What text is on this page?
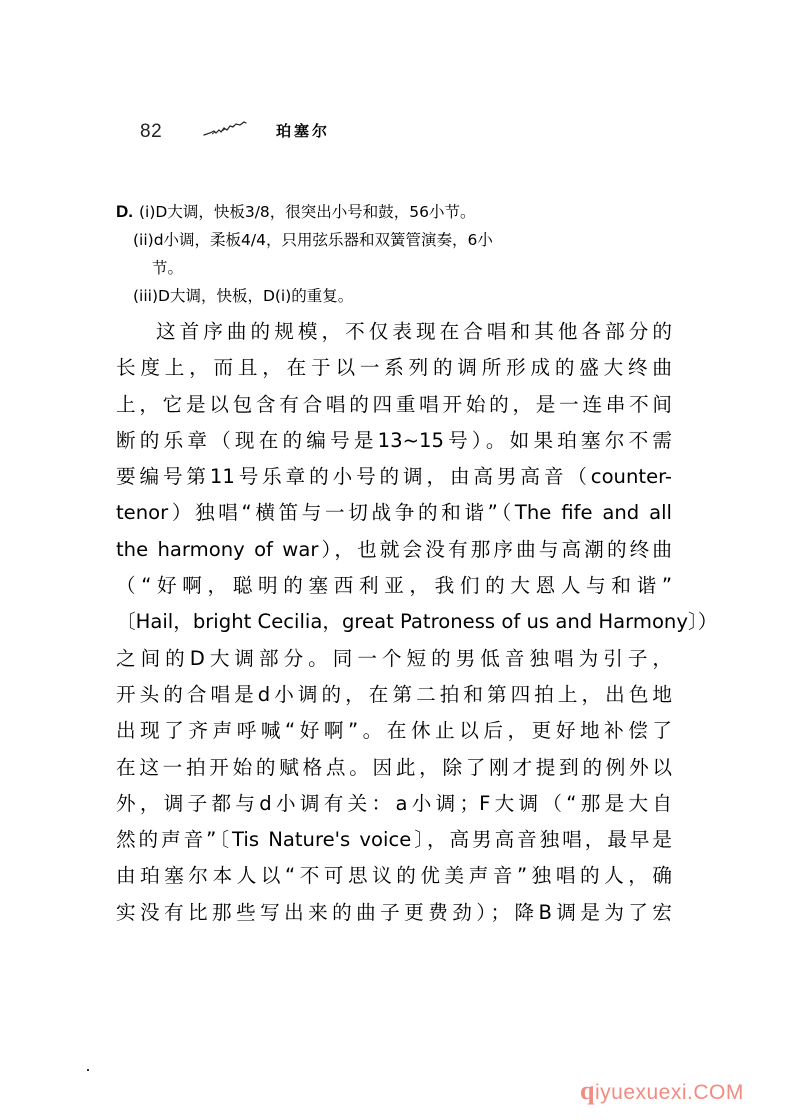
82	珀塞尔
D. (i)D大调，快板3/8，很突出小号和鼓，56小节。
(ii)d小调，柔板4/4，只用弦乐器和双簧管演奏，6小
节。
(iii)D大调，快板，D(i)的重复。
这首序曲的规模，不仅表现在合唱和其他各部分的
长度上，而且，在于以一系列的调所形成的盛大终曲
上，它是以包含有合唱的四重唱开始的，是一连串不间
断的乐章（现在的编号是13~15号）。如果珀塞尔不需
要编号第11号乐章的小号的调，由高男高音（counter-
tenor）独唱“横笛与一切战争的和谐”（The fife and all
the harmony of war），也就会没有那序曲与高潮的终曲
（“好啊，聪明的塞西利亚，我们的大恩人与和谐”
〔Hail，bright Cecilia，great Patroness of us and Harmony〕）
之间的D大调部分。同一个短的男低音独唱为引子，
开头的合唱是d小调的，在第二拍和第四拍上，出色地
出现了齐声呼喊“好啊”。在休止以后，更好地补偿了
在这一拍开始的赋格点。因此，除了刚才提到的例外以
外，调子都与d小调有关：a小调；F大调（“那是大自
然的声音”〔Tis Nature's voice〕，高男高音独唱，最早是
由珀塞尔本人以“不可思议的优美声音”独唱的人，确
实没有比那些写出来的曲子更费劲）；降B调是为了宏
qiyuexuexi.COM
